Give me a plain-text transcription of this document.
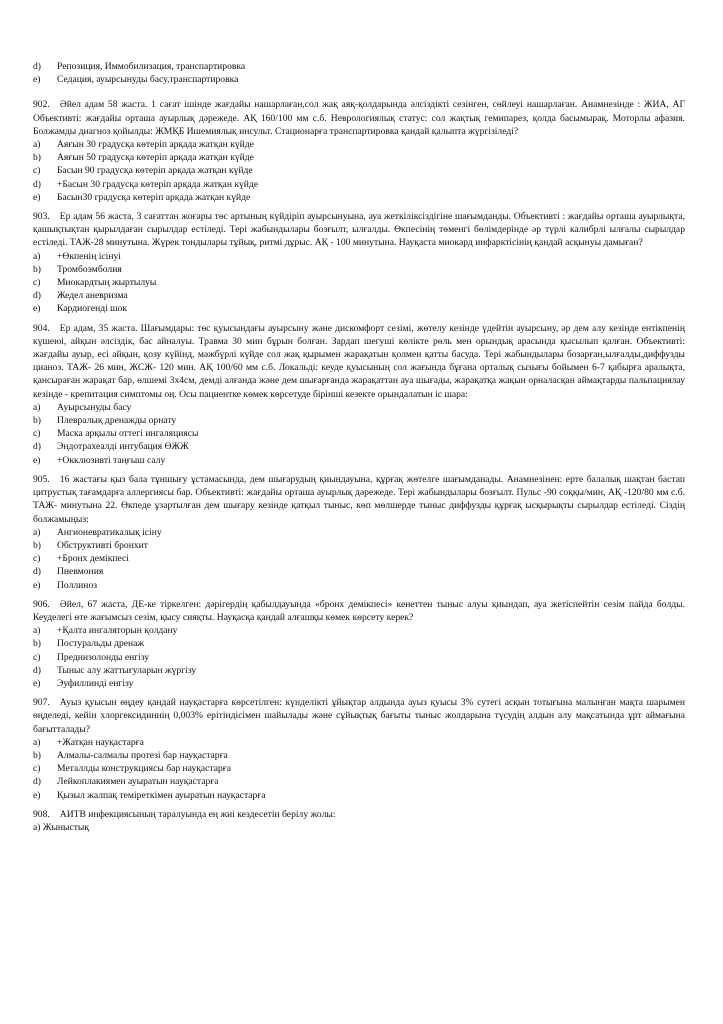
d)	Репозиция, Иммобилизация, транспартировка
e)	Седация, ауырсынуды басу,транспартировка
902. Әйел адам 58 жаста. 1 сағат ішінде жағдайы нашарлаған,сол жақ аяқ-қолдарында әлсіздікті сезінген, сөйлеуі нашарлаған. Анамнезінде : ЖИА, АГ Объективті: жағдайы орташа ауырлық дәрежеде. АҚ 160/100 мм с.б. Неврологиялық статус: сол жақтық гемипарез, қолда басымырақ. Моторлы афазия. Болжамды диагноз қойылды: ЖМҚБ Ишемиялық инсульт. Стационарға транспартировка қандай қалыпта жүргізіледі?
a)	Аяғын 30 градусқа көтеріп арқада жатқан күйде
b)	Аяғын 50 градусқа көтеріп арқада жатқан күйде
c)	Басын 90 градусқа көтеріп арқада жатқан күйде
d)	+Басын 30 градусқа көтеріп арқада жатқан күйде
e)	Басын30 градусқа көтеріп арқада жатқан күйде
903. Ер адам 56 жаста, 3 сағаттан жоғары төс артының күйдіріп ауырсынуына, ауа жеткіліксіздігіне шағымданды. Объективті : жағдайы орташа ауырлықта, қашықтықтан қырылдаған сырылдар естіледі. Тері жабындылары бозғылт, ылғалды. Өкпесінің төменгі бөлімдерінде әр түрлі калибрлі ылғалы сырылдар естіледі. ТАЖ-28 минутына. Жүрек тондылары тұйық, ритмі дұрыс. АҚ - 100 минутына. Науқаста миокард инфарктісінің қандай асқынуы дамыған?
a)	+Өкпенің ісінуі
b)	Тромбоэмболия
c)	Миокардтың жыртылуы
d)	Жедел аневризма
e)	Кардиогенді шок
904. Ер адам, 35 жаста. Шағымдары: төс қуысындағы ауырсыну және дискомфорт сезімі, жөтелу кезінде үдейтін ауырсыну, әр дем алу кезінде ентікпенің күшеюі, айқын әлсіздік, бас айналуы. Травма 30 мин бұрын болған. Зардап шегуші көлікте рөль мен орындық арасында қысылып қалған. Объективті: жағдайы ауыр, есі айқын, қозу күйінд, мәжбүрлі күйде сол жақ қырымен жарақатын қолмен қатты басуда. Тері жабындылары бозарған,ылғалды,диффузды цианоз. ТАЖ- 26 мин, ЖСЖ- 120 мин. АҚ 100/60 мм с.б. Локальді: кеуде қуысының сол жағында бұғана орталық сызығы бойымен 6-7 қабырға аралықта, қансыраған жарақат бар, өлшемі 3х4см, демді алғанда және дем шығарғанда жарақаттан ауа шығады, жарақатқа жақын орналасқан аймақтарды пальпациялау кезінде - крепитация симптомы оң. Осы пациентке көмек көрсетуде бірінші кезекте орындалатын іс шара:
a)	Ауырсынуды басу
b)	Плевралық дренажды орнату
c)	Маска арқылы оттегі ингаляциясы
d)	Эндотрахеалді интубация ӨЖЖ
e)	+Окклюзивті таңғыш салу
905. 16 жастағы қыз бала тұншығу ұстамасында, дем шығарудың қиындауына, құрғақ жөтелге шағымданады. Анамнезінен: ерте балалық шақтан бастап цитрустық тағамдарға аллергиясы бар. Объективті: жағдайы орташа ауырлық дәрежеде. Тері жабындылары бозғылт. Пульс -90 соққы/мин, АҚ -120/80 мм с.б. ТАЖ- минутына 22. Өкпеде ұзартылған дем шығару кезінде қатқыл тыныс, көп мөлшерде тыныс диффузды құрғақ ысқырықты сырылдар естіледі. Сіздің болжамыңыз:
a)	Ангионевратикалық ісіну
b)	Обструктивті бронхит
c)	+Бронх демікпесі
d)	Пневмония
e)	Поллиноз
906. Әйел, 67 жаста, ДЕ-ке тіркелген: дәрігердің қабылдауында «бронх демікпесі» кенеттен тыныс алуы қиындап, ауа жетіспейтін сезім пайда болды. Кеуделегі өте жағымсыз сезім, қысу сияқты. Науқасқа қандай алғашқы көмек көрсету керек?
a)	+Қалта ингаляторын қолдану
b)	Постуральды дренаж
c)	Преднизолонды енгізу
d)	Тыныс алу жаттығуларын жүргізу
e)	Эуфиллинді енгізу
907. Ауыз қуысын өңдеу қандай науқастарға көрсетілген: күнделікті ұйықтар алдында ауыз қуысы 3% сутегі асқын тотығына малынған мақта шарымен өңделеді, кейін хлоргексидиннің 0,003% ерітіндісімен шайылады және сұйықтық бағыты тыныс жолдарына түсудің алдын алу мақсатында ұрт аймағына бағытталады?
a)	+Жатқан науқастарға
b)	Алмалы-салмалы протезі бар науқастарға
c)	Металлды конструкциясы бар науқастарға
d)	Лейкоплакиямен ауыратын науқастарға
e)	Қызыл жалпақ теміреткімен ауыратын науқастарға
908. АИТВ инфекциясының таралуында ең жиі кездесетін берілу жолы:
а) Жыныстық
